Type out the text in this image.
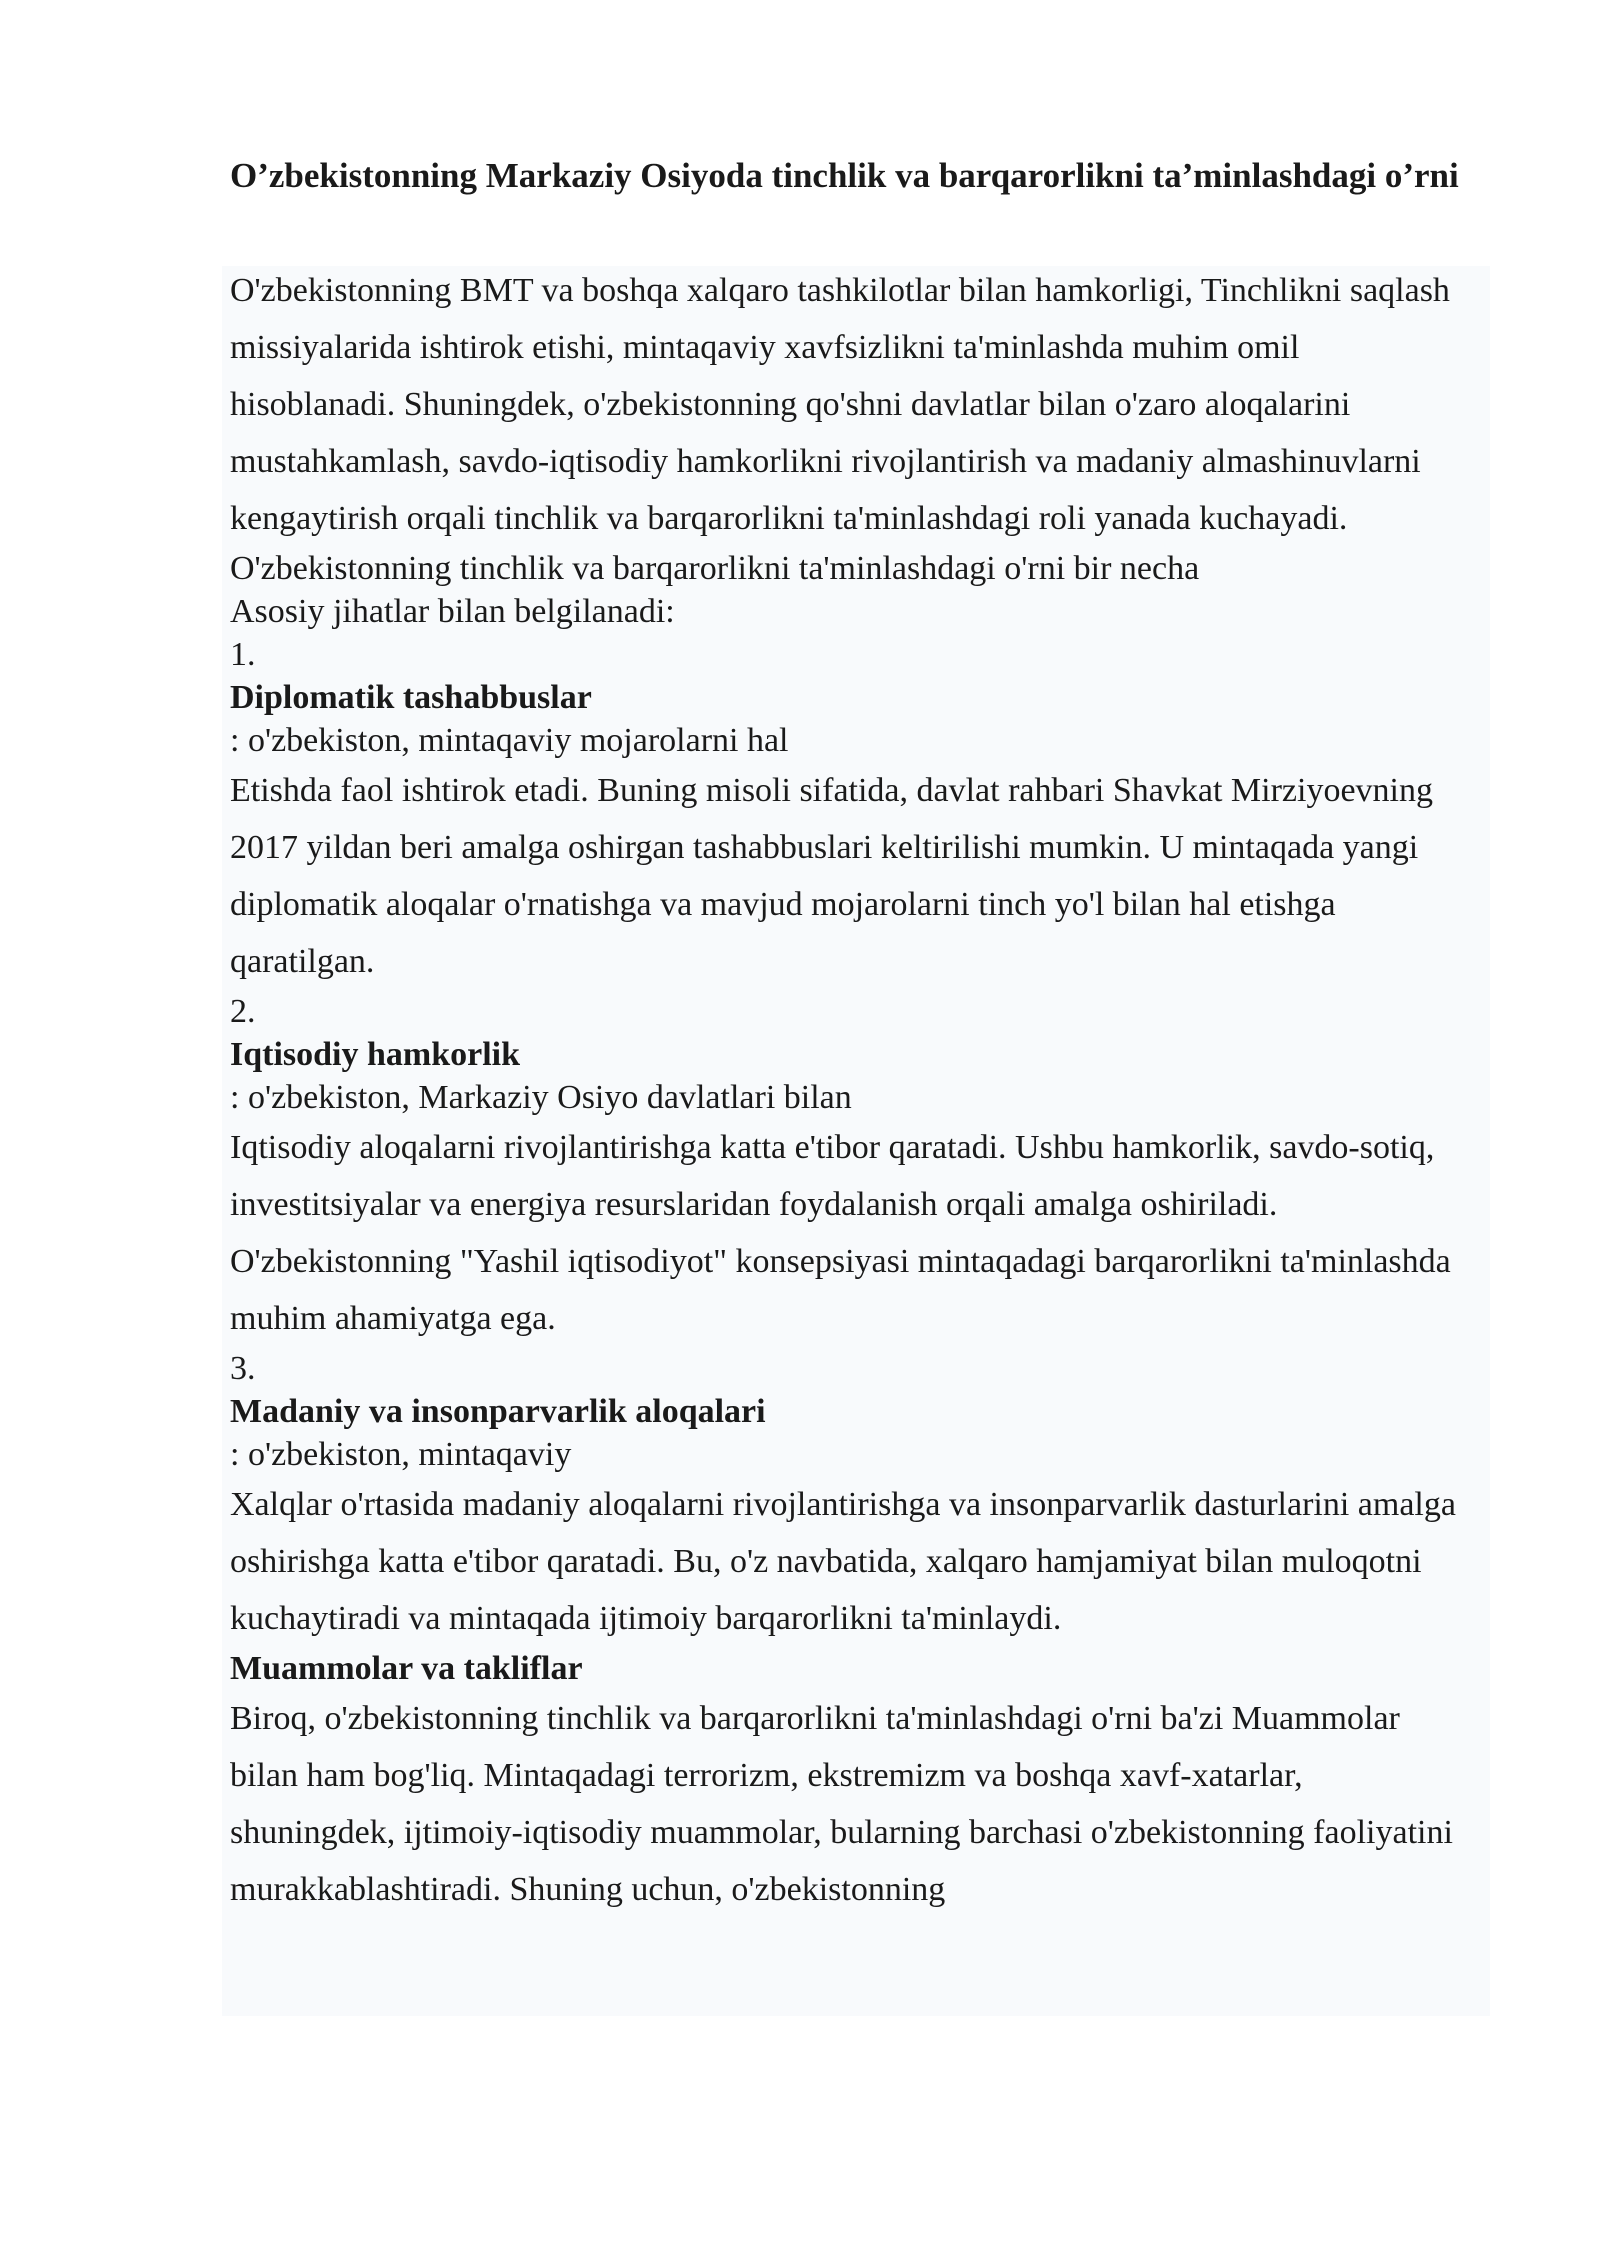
O’zbekistonning Markaziy Osiyoda tinchlik va barqarorlikni ta’minlashdagi o’rni

O'zbekistonning BMT va boshqa xalqaro tashkilotlar bilan hamkorligi, Tinchlikni saqlash missiyalarida ishtirok etishi, mintaqaviy xavfsizlikni ta'minlashda muhim omil hisoblanadi. Shuningdek, o'zbekistonning qo'shni davlatlar bilan o'zaro aloqalarini mustahkamlash, savdo-iqtisodiy hamkorlikni rivojlantirish va madaniy almashinuvlarni kengaytirish orqali tinchlik va barqarorlikni ta'minlashdagi roli yanada kuchayadi.

O'zbekistonning tinchlik va barqarorlikni ta'minlashdagi o'rni bir necha

Asosiy jihatlar bilan belgilanadi:

1.

Diplomatik tashabbuslar

: o'zbekiston, mintaqaviy mojarolarni hal

Etishda faol ishtirok etadi. Buning misoli sifatida, davlat rahbari Shavkat Mirziyoevning 2017 yildan beri amalga oshirgan tashabbuslari keltirilishi mumkin. U mintaqada yangi diplomatik aloqalar o'rnatishga va mavjud mojarolarni tinch yo'l bilan hal etishga qaratilgan.

2.

Iqtisodiy hamkorlik

: o'zbekiston, Markaziy Osiyo davlatlari bilan

Iqtisodiy aloqalarni rivojlantirishga katta e'tibor qaratadi. Ushbu hamkorlik, savdo-sotiq, investitsiyalar va energiya resurslaridan foydalanish orqali amalga oshiriladi. O'zbekistonning "Yashil iqtisodiyot" konsepsiyasi mintaqadagi barqarorlikni ta'minlashda muhim ahamiyatga ega.

3.

Madaniy va insonparvarlik aloqalari

: o'zbekiston, mintaqaviy

Xalqlar o'rtasida madaniy aloqalarni rivojlantirishga va insonparvarlik dasturlarini amalga oshirishga katta e'tibor qaratadi. Bu, o'z navbatida, xalqaro hamjamiyat bilan muloqotni kuchaytiradi va mintaqada ijtimoiy barqarorlikni ta'minlaydi.

Muammolar va takliflar

Biroq, o'zbekistonning tinchlik va barqarorlikni ta'minlashdagi o'rni ba'zi Muammolar bilan ham bog'liq. Mintaqadagi terrorizm, ekstremizm va boshqa xavf-xatarlar, shuningdek, ijtimoiy-iqtisodiy muammolar, bularning barchasi o'zbekistonning faoliyatini murakkablashtiradi. Shuning uchun, o'zbekistonning
